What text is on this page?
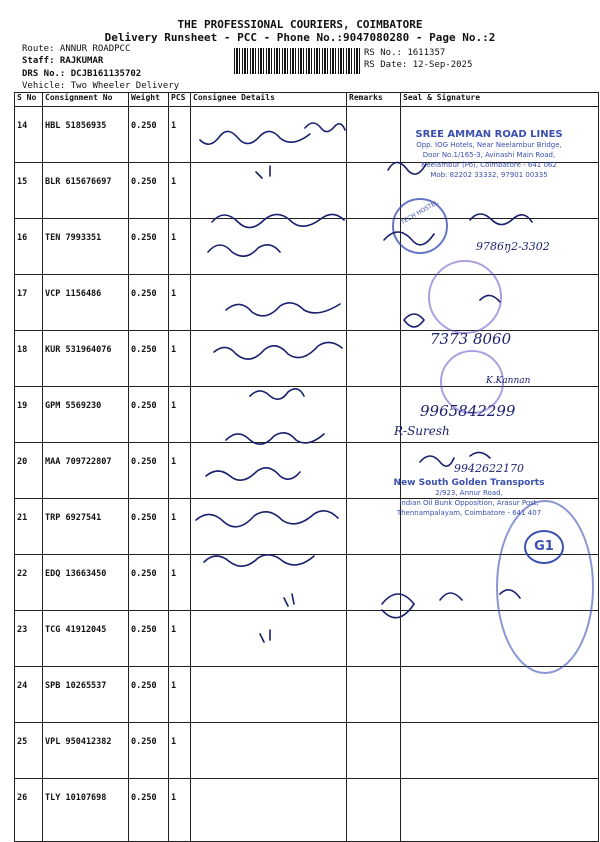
THE PROFESSIONAL COURIERS, COIMBATORE
Delivery Runsheet - PCC - Phone No.:9047080280 - Page No.:2
Route: ANNUR ROADPCC
Staff: RAJKUMAR
DRS No.: DCJB161135702
Vehicle: Two Wheeler Delivery
RS No.: 1611357
RS Date: 12-Sep-2025
S No	Consignment No	Weight	PCS	Consignee Details	Remarks	Seal & Signature
14	HBL 51856935	0.250	1			
15	BLR 615676697	0.250	1			
16	TEN 7993351	0.250	1			
17	VCP 1156486	0.250	1			
18	KUR 531964076	0.250	1			
19	GPM 5569230	0.250	1			
20	MAA 709722807	0.250	1			
21	TRP 6927541	0.250	1			
22	EDQ 13663450	0.250	1			
23	TCG 41912045	0.250	1			
24	SPB 10265537	0.250	1			
25	VPL 950412382	0.250	1			
26	TLY 10107698	0.250	1			
TECH HOSTEL
G1
SREE AMMAN ROAD LINES
Opp. IOG Hotels, Near Neelambur Bridge,
Door No.1/165-3, Avinashi Main Road,
Neelambur (Po), Coimbatore - 641 062
Mob: 82202 33332, 97901 00335
New South Golden Transports
2/923, Annur Road,
Indian Oil Bunk Opposition, Arasur Post,
Thennampalayam, Coimbatore - 641 407
9786ŋ2-3302
7373 8060
K.Kannan
9965842299
R-Suresh
9942622170
